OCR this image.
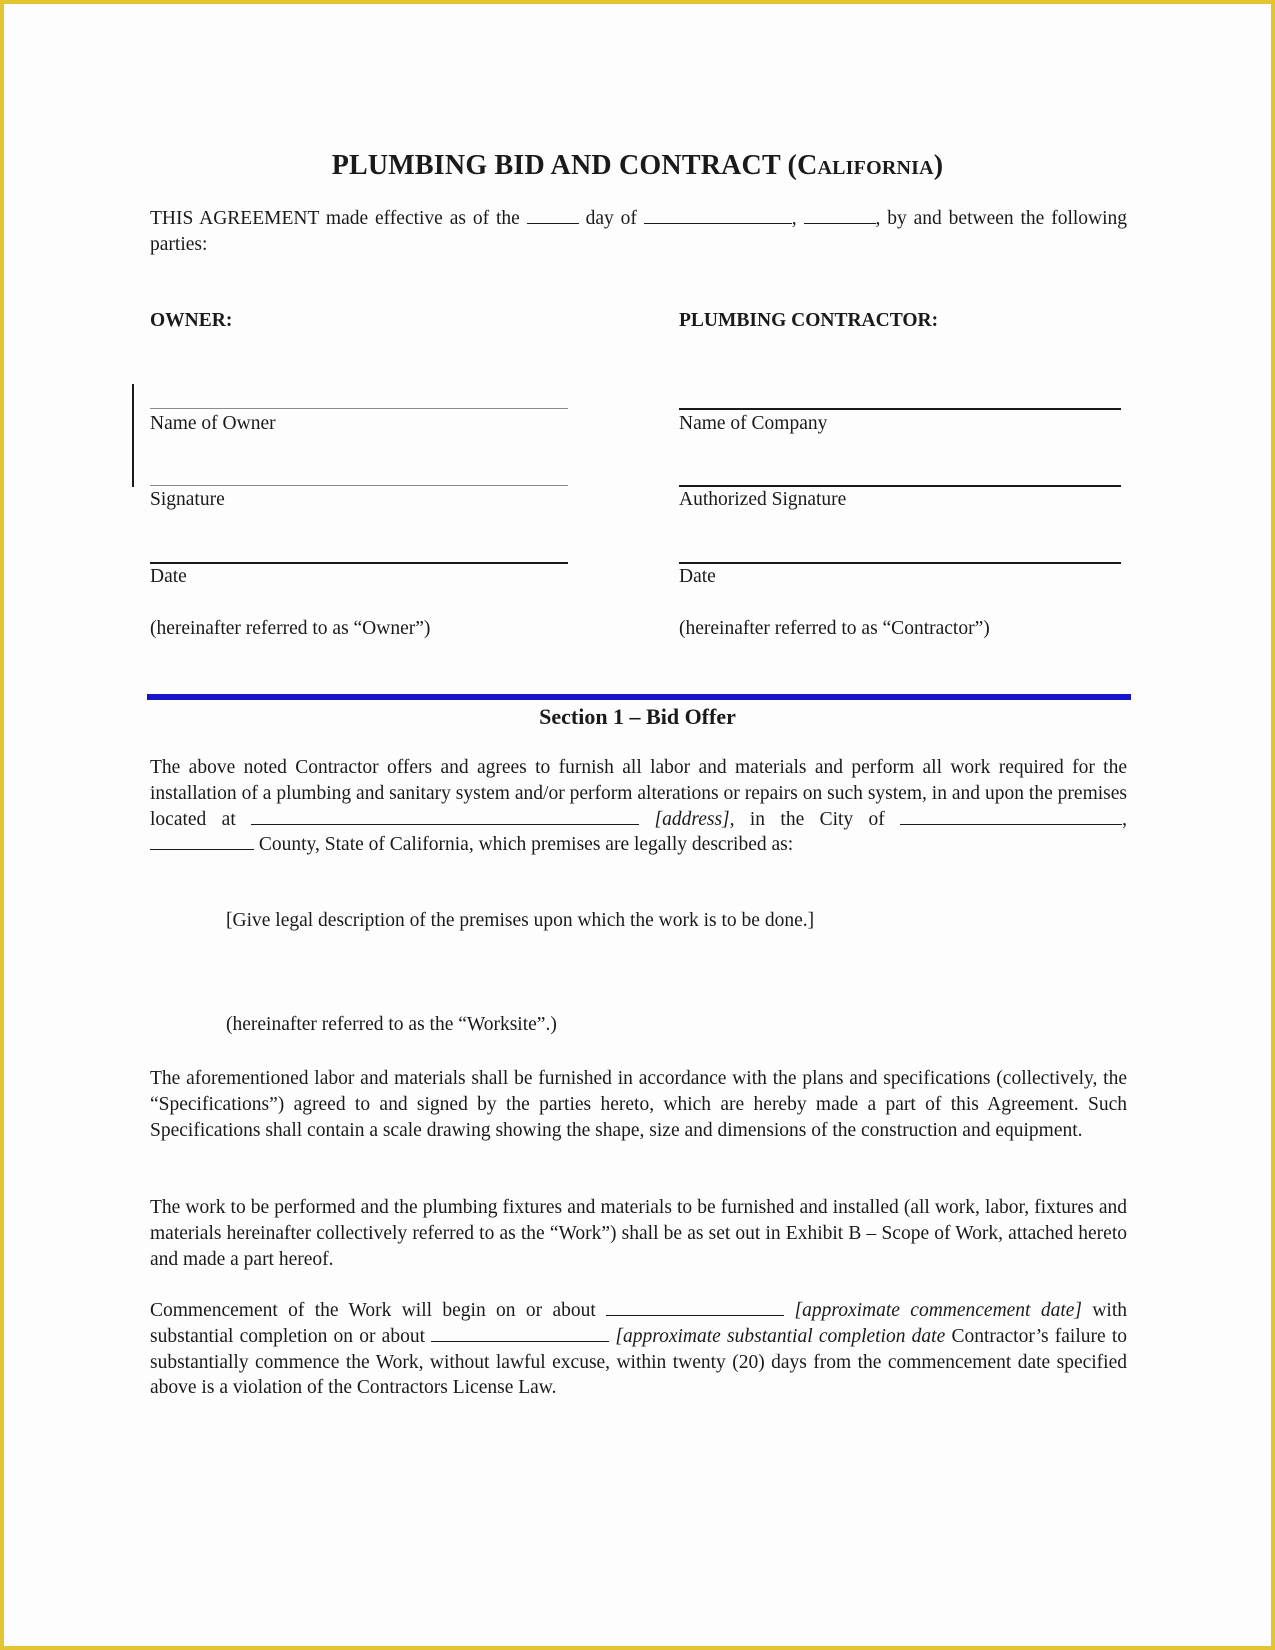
PLUMBING BID AND CONTRACT (California)
THIS AGREEMENT made effective as of the	day of	,	, by and between the following parties:
OWNER:
Name of Owner
Signature
Date
(hereinafter referred to as “Owner”)
PLUMBING CONTRACTOR:
Name of Company
Authorized Signature
Date
(hereinafter referred to as “Contractor”)
Section 1 – Bid Offer
The above noted Contractor offers and agrees to furnish all labor and materials and perform all work required for the installation of a plumbing and sanitary system and/or perform alterations or repairs on such system, in and upon the premises located at	[address], in the City of	,  County, State of California, which premises are legally described as:
[Give legal description of the premises upon which the work is to be done.]
(hereinafter referred to as the “Worksite”.)
The aforementioned labor and materials shall be furnished in accordance with the plans and specifications (collectively, the “Specifications”) agreed to and signed by the parties hereto, which are hereby made a part of this Agreement. Such Specifications shall contain a scale drawing showing the shape, size and dimensions of the construction and equipment.
The work to be performed and the plumbing fixtures and materials to be furnished and installed (all work, labor, fixtures and materials hereinafter collectively referred to as the “Work”) shall be as set out in Exhibit B – Scope of Work, attached hereto and made a part hereof.
Commencement of the Work will begin on or about	[approximate commencement date] with substantial completion on or about	[approximate substantial completion date Contractor’s failure to substantially commence the Work, without lawful excuse, within twenty (20) days from the commencement date specified above is a violation of the Contractors License Law.
